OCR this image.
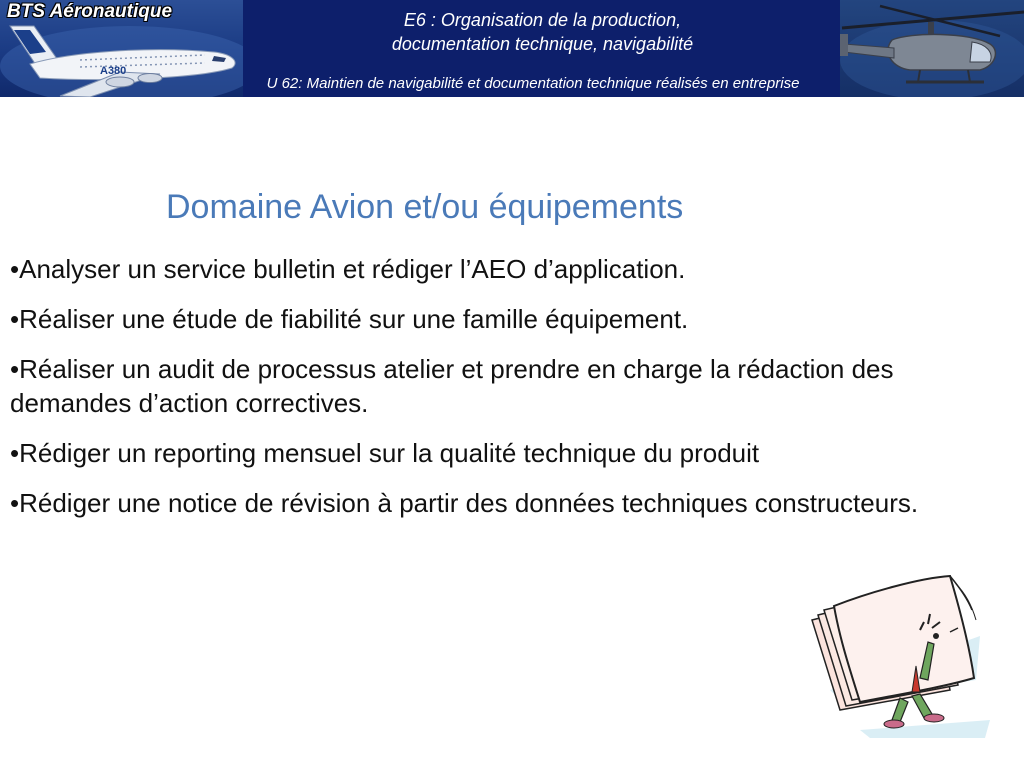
A380

BTS Aéronautique	E6 : Organisation de la production,
documentation technique, navigabilité

U 62: Maintien de navigabilité et documentation technique réalisés en entreprise

Domaine Avion et/ou équipements
•Analyser un service bulletin et rédiger l’AEO d’application.
•Réaliser une étude de fiabilité sur une famille équipement.
•Réaliser un audit de processus atelier et prendre en charge la rédaction des demandes d’action correctives.
•Rédiger un reporting mensuel sur la qualité technique du produit
•Rédiger une notice de révision à partir des données techniques constructeurs.
